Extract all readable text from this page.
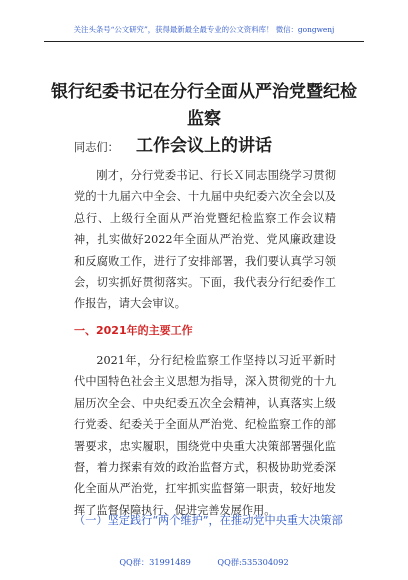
关注头条号“公文研究”，获得最新最全最专业的公文资料库！ 微信：gongwenj
银行纪委书记在分行全面从严治党暨纪检监察
工作会议上的讲话
同志们：
刚才，分行党委书记、行长Ｘ同志围绕学习贯彻党的十九届六中全会、十九届中央纪委六次全会以及总行、上级行全面从严治党暨纪检监察工作会议精神，扎实做好2022年全面从严治党、党风廉政建设和反腐败工作，进行了安排部署，我们要认真学习领会，切实抓好贯彻落实。下面，我代表分行纪委作工作报告，请大会审议。
一、2021年的主要工作
2021年，分行纪检监察工作坚持以习近平新时代中国特色社会主义思想为指导，深入贯彻党的十九届历次全会、中央纪委五次全会精神，认真落实上级行党委、纪委关于全面从严治党、纪检监察工作的部署要求，忠实履职，围绕党中央重大决策部署强化监督，着力探索有效的政治监督方式，积极协助党委深化全面从严治党，扛牢抓实监督第一职责，较好地发挥了监督保障执行、促进完善发展作用。
（一）坚定践行“两个维护”，在推动党中央重大决策部
QQ群：31991489	QQ群:535304092
